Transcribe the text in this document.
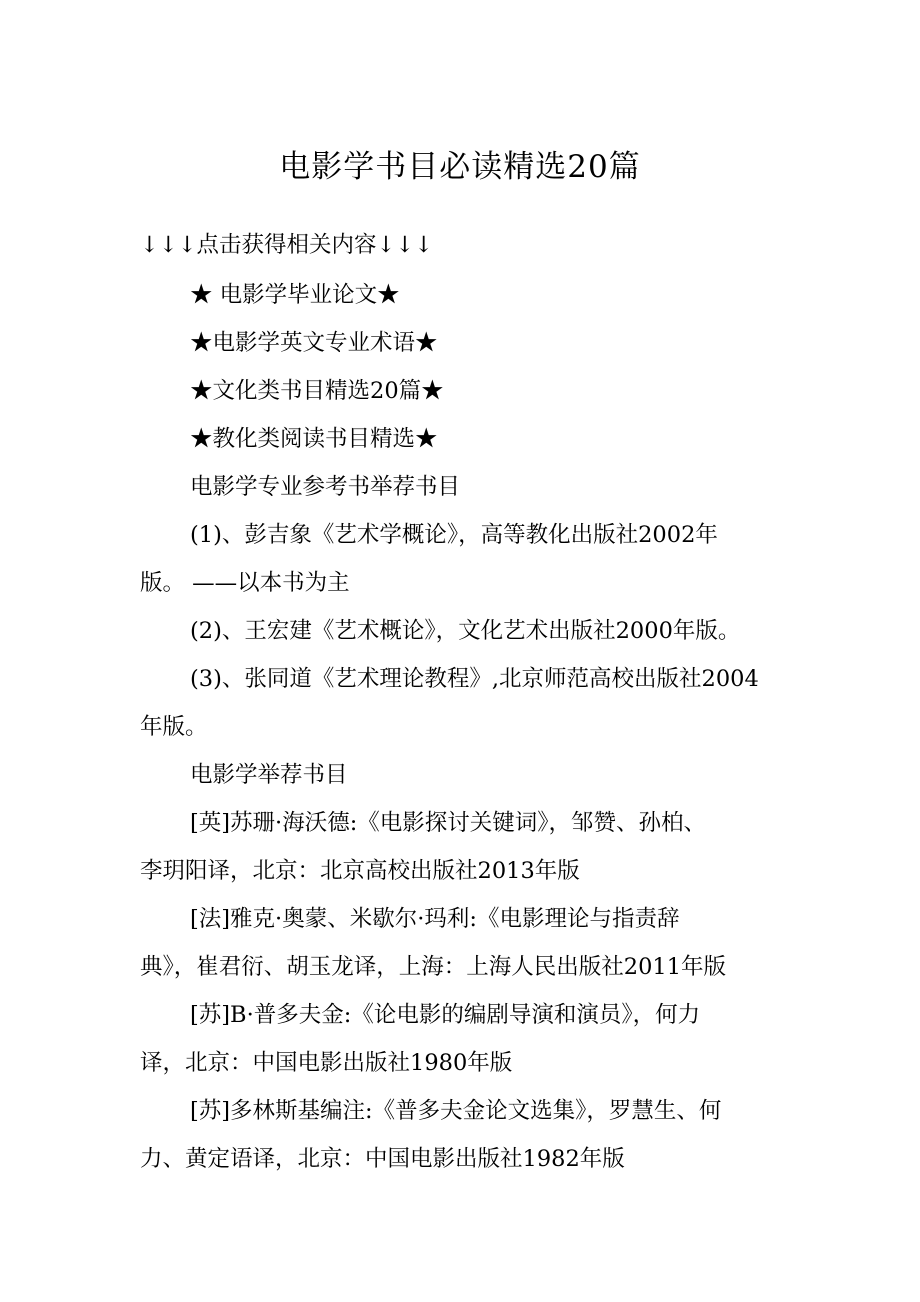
电影学书目必读精选20篇
↓↓↓点击获得相关内容↓↓↓
★ 电影学毕业论文★
★电影学英文专业术语★
★文化类书目精选20篇★
★教化类阅读书目精选★
电影学专业参考书举荐书目
(1)、彭吉象《艺术学概论》，高等教化出版社2002年
版。 ——以本书为主
(2)、王宏建《艺术概论》，文化艺术出版社2000年版。
(3)、张同道《艺术理论教程》,北京师范高校出版社2004
年版。
电影学举荐书目
[英]苏珊·海沃德:《电影探讨关键词》，邹赞、孙柏、
李玥阳译，北京：北京高校出版社2013年版
[法]雅克·奥蒙、米歇尔·玛利:《电影理论与指责辞
典》，崔君衍、胡玉龙译，上海：上海人民出版社2011年版
[苏]B·普多夫金:《论电影的编剧导演和演员》，何力
译，北京：中国电影出版社1980年版
[苏]多林斯基编注:《普多夫金论文选集》，罗慧生、何
力、黄定语译，北京：中国电影出版社1982年版
